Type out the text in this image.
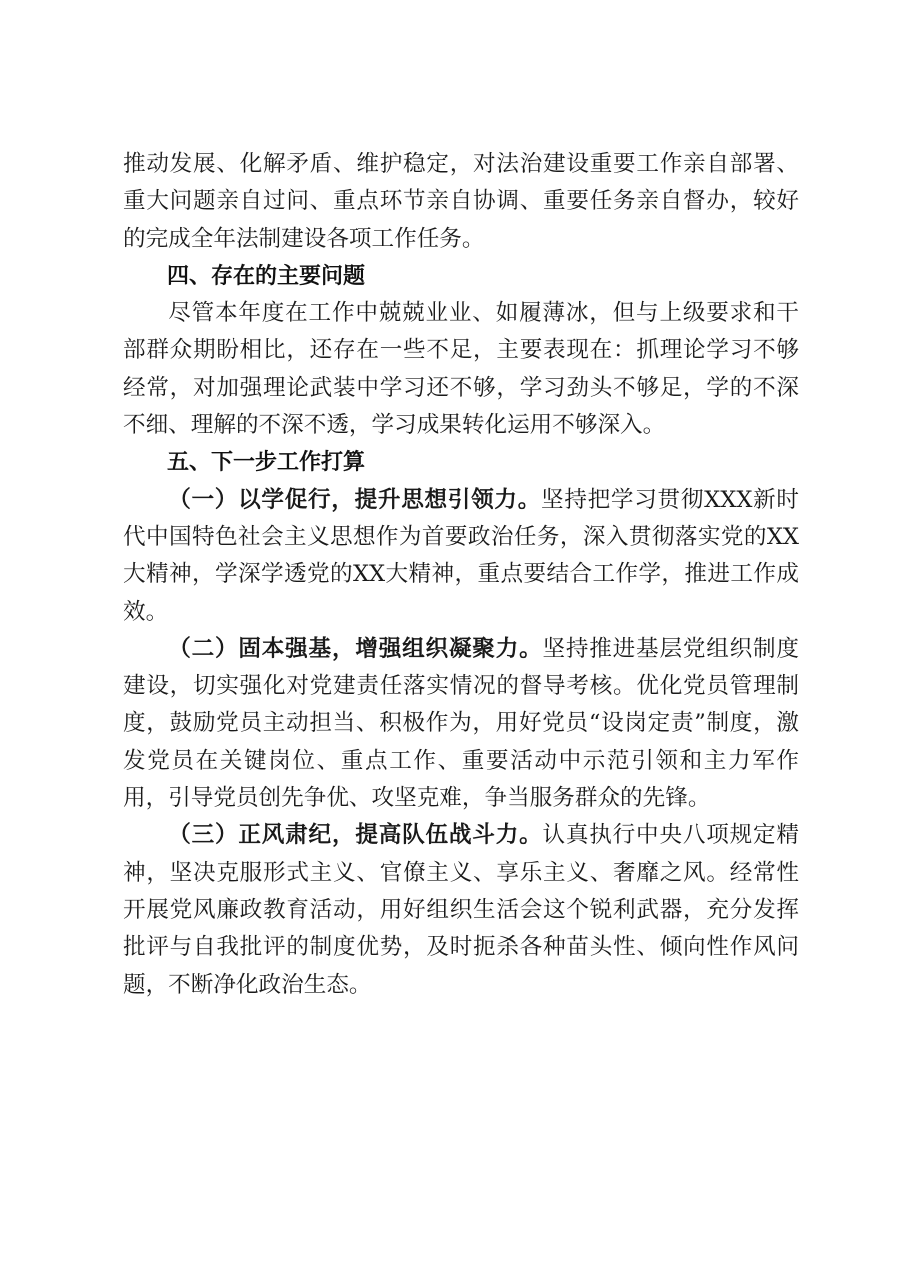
推动发展、化解矛盾、维护稳定，对法治建设重要工作亲自部署、重大问题亲自过问、重点环节亲自协调、重要任务亲自督办，较好的完成全年法制建设各项工作任务。

四、存在的主要问题

尽管本年度在工作中兢兢业业、如履薄冰，但与上级要求和干部群众期盼相比，还存在一些不足，主要表现在：抓理论学习不够经常，对加强理论武装中学习还不够，学习劲头不够足，学的不深不细、理解的不深不透，学习成果转化运用不够深入。

五、下一步工作打算

（一）以学促行，提升思想引领力。坚持把学习贯彻XXX新时代中国特色社会主义思想作为首要政治任务，深入贯彻落实党的XX大精神，学深学透党的XX大精神，重点要结合工作学，推进工作成效。

（二）固本强基，增强组织凝聚力。坚持推进基层党组织制度建设，切实强化对党建责任落实情况的督导考核。优化党员管理制度，鼓励党员主动担当、积极作为，用好党员“设岗定责”制度，激发党员在关键岗位、重点工作、重要活动中示范引领和主力军作用，引导党员创先争优、攻坚克难，争当服务群众的先锋。

（三）正风肃纪，提高队伍战斗力。认真执行中央八项规定精神，坚决克服形式主义、官僚主义、享乐主义、奢靡之风。经常性开展党风廉政教育活动，用好组织生活会这个锐利武器，充分发挥批评与自我批评的制度优势，及时扼杀各种苗头性、倾向性作风问题，不断净化政治生态。
